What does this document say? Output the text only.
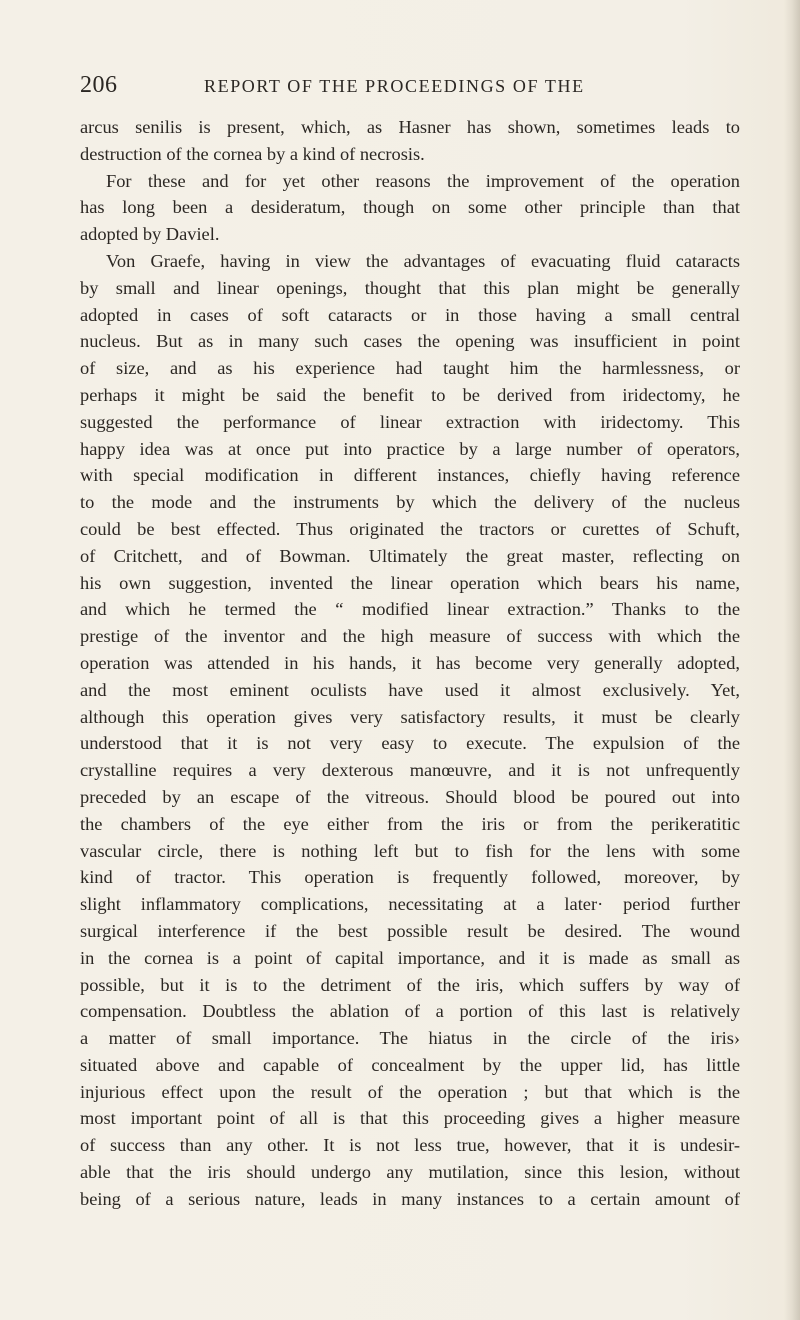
206	REPORT OF THE PROCEEDINGS OF THE
arcus senilis is present, which, as Hasner has shown, sometimes leads to
destruction of the cornea by a kind of necrosis.
For these and for yet other reasons the improvement of the operation
has long been a desideratum, though on some other principle than that
adopted by Daviel.
Von Graefe, having in view the advantages of evacuating fluid cataracts
by small and linear openings, thought that this plan might be generally
adopted in cases of soft cataracts or in those having a small central
nucleus. But as in many such cases the opening was insufficient in point
of size, and as his experience had taught him the harmlessness, or
perhaps it might be said the benefit to be derived from iridectomy, he
suggested the performance of linear extraction with iridectomy. This
happy idea was at once put into practice by a large number of operators,
with special modification in different instances, chiefly having reference
to the mode and the instruments by which the delivery of the nucleus
could be best effected. Thus originated the tractors or curettes of Schuft,
of Critchett, and of Bowman. Ultimately the great master, reflecting on
his own suggestion, invented the linear operation which bears his name,
and which he termed the “ modified linear extraction.” Thanks to the
prestige of the inventor and the high measure of success with which the
operation was attended in his hands, it has become very generally adopted,
and the most eminent oculists have used it almost exclusively. Yet,
although this operation gives very satisfactory results, it must be clearly
understood that it is not very easy to execute. The expulsion of the
crystalline requires a very dexterous manœuvre, and it is not unfrequently
preceded by an escape of the vitreous. Should blood be poured out into
the chambers of the eye either from the iris or from the perikeratitic
vascular circle, there is nothing left but to fish for the lens with some
kind of tractor. This operation is frequently followed, moreover, by
slight inflammatory complications, necessitating at a later· period further
surgical interference if the best possible result be desired. The wound
in the cornea is a point of capital importance, and it is made as small as
possible, but it is to the detriment of the iris, which suffers by way of
compensation. Doubtless the ablation of a portion of this last is relatively
a matter of small importance. The hiatus in the circle of the iris›
situated above and capable of concealment by the upper lid, has little
injurious effect upon the result of the operation ; but that which is the
most important point of all is that this proceeding gives a higher measure
of success than any other. It is not less true, however, that it is undesir-
able that the iris should undergo any mutilation, since this lesion, without
being of a serious nature, leads in many instances to a certain amount of
